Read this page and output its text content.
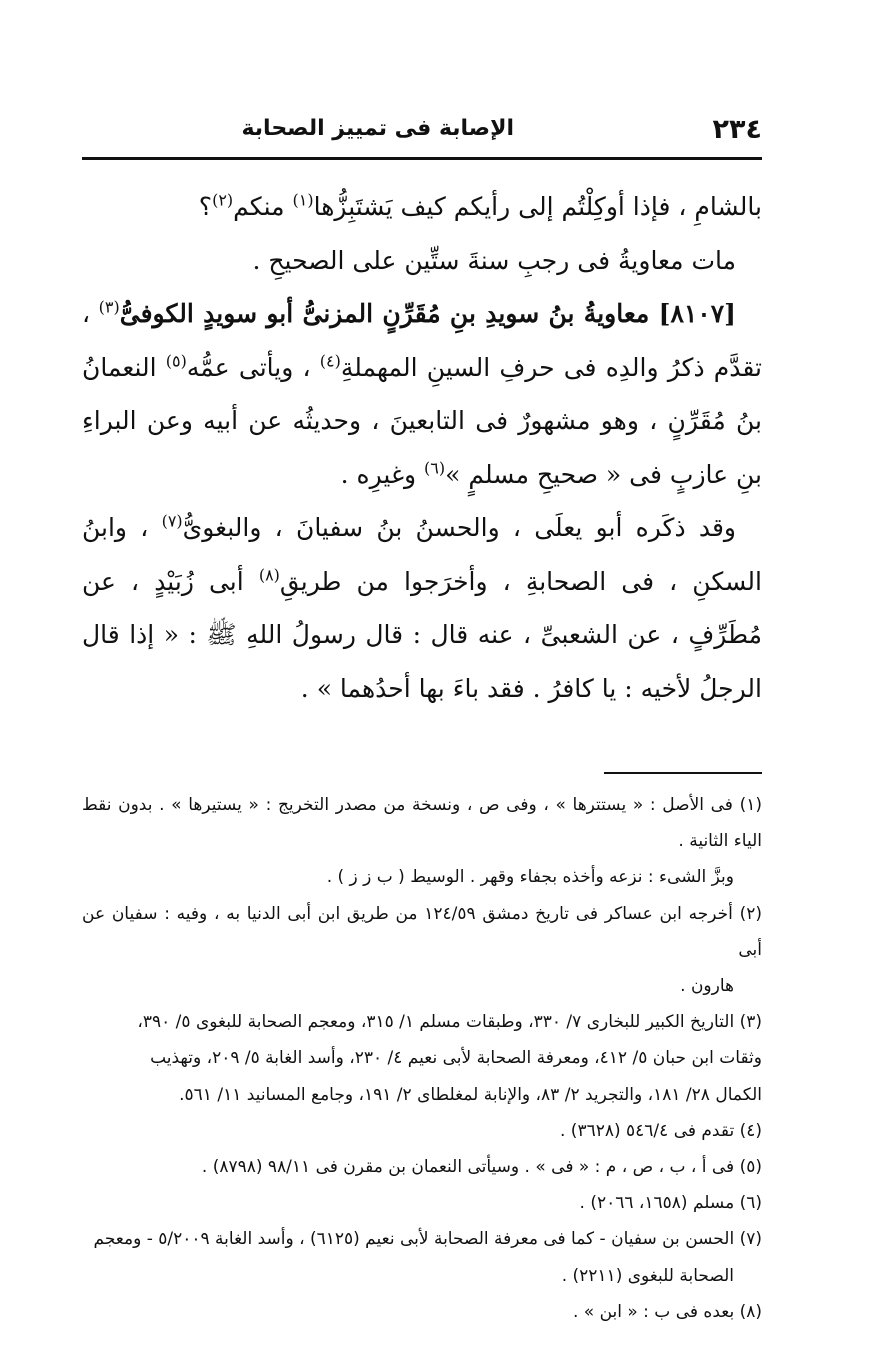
٢٣٤
الإصابة فى تمييز الصحابة

بالشامِ ، فإذا أوكِلْتُم إلى رأيكم كيف يَشتَبِزُّها$^{(١)}$ منكم$^{(٢)}$؟

مات معاويةُ فى رجبِ سنةَ ستِّين على الصحيحِ .

[٨١٠٧] معاويةُ بنُ سويدِ بنِ مُقَرِّنٍ المزنىُّ أبو سويدٍ الكوفىُّ$^{(٣)}$ ، تقدَّم ذكرُ والدِه فى حرفِ السينِ المهملةِ$^{(٤)}$ ، ويأتى عمُّه$^{(٥)}$ النعمانُ بنُ مُقَرِّنٍ ، وهو مشهورٌ فى التابعينَ ، وحديثُه عن أبيه وعن البراءِ بنِ عازبٍ فى « صحيحِ مسلمٍ »$^{(٦)}$ وغيرِه .

وقد ذكَره أبو يعلَى ، والحسنُ بنُ سفيانَ ، والبغوىُّ$^{(٧)}$ ، وابنُ السكنِ ، فى الصحابةِ ، وأخرَجوا من طريقِ$^{(٨)}$ أبى زُبَيْدٍ ، عن مُطَرِّفٍ ، عن الشعبىِّ ، عنه قال : قال رسولُ اللهِ ﷺ : « إذا قال الرجلُ لأخيه : يا كافرُ . فقد باءَ بها أحدُهما » .

(١) فى الأصل : « يستترها » ، وفى ص ، ونسخة من مصدر التخريج : « يستيرها » . بدون نقط الياء الثانية .

وبزَّ الشىء : نزعه وأخذه بجفاء وقهر . الوسيط ( ب ز ز ) .

(٢) أخرجه ابن عساكر فى تاريخ دمشق ١٢٤/٥٩ من طريق ابن أبى الدنيا به ، وفيه : سفيان عن أبى

هارون .

(٣) التاريخ الكبير للبخارى ٧/ ٣٣٠، وطبقات مسلم ١/ ٣١٥، ومعجم الصحابة للبغوى ٥/ ٣٩٠،

وثقات ابن حبان ٥/ ٤١٢، ومعرفة الصحابة لأبى نعيم ٤/ ٢٣٠، وأسد الغابة ٥/ ٢٠٩، وتهذيب

الكمال ٢٨/ ١٨١، والتجريد ٢/ ٨٣، والإنابة لمغلطاى ٢/ ١٩١، وجامع المسانيد ١١/ ٥٦١.

(٤) تقدم فى ٥٤٦/٤ (٣٦٢٨) .

(٥) فى أ ، ب ، ص ، م : « فى » . وسيأتى النعمان بن مقرن فى ٩٨/١١ (٨٧٩٨) .

(٦) مسلم (١٦٥٨، ٢٠٦٦) .

(٧) الحسن بن سفيان - كما فى معرفة الصحابة لأبى نعيم (٦١٢٥) ، وأسد الغابة ٥/٢٠٠٩ - ومعجم

الصحابة للبغوى (٢٢١١) .

(٨) بعده فى ب : « ابن » .
